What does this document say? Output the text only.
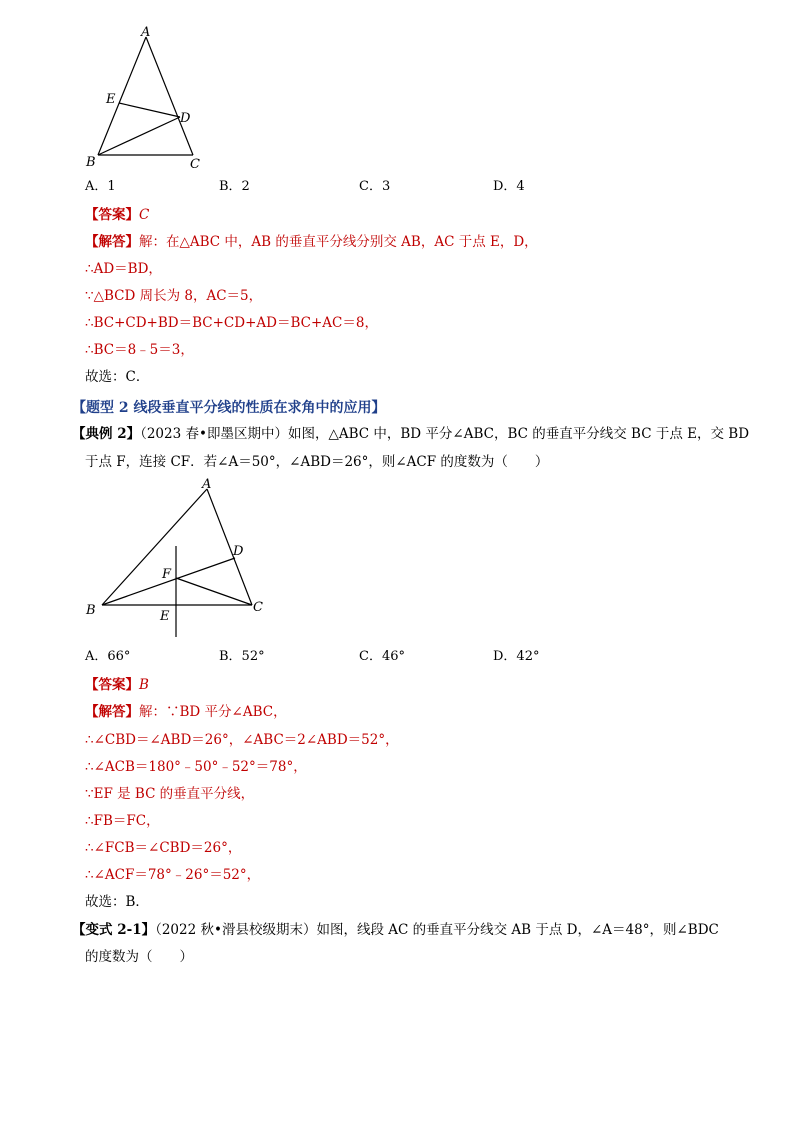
A
E
D
B	C
A．1	B．2	C．3	D．4
【答案】C
【解答】解：在△ABC 中，AB 的垂直平分线分别交 AB，AC 于点 E，D，
∴AD＝BD，
∵△BCD 周长为 8，AC＝5，
∴BC+CD+BD＝BC+CD+AD＝BC+AC＝8，
∴BC＝8﹣5＝3，
故选：C．
【题型 2 线段垂直平分线的性质在求角中的应用】
【典例 2】（2023 春•即墨区期中）如图，△ABC 中，BD 平分∠ABC，BC 的垂直平分线交 BC 于点 E，交 BD
于点 F，连接 CF．若∠A＝50°，∠ABD＝26°，则∠ACF 的度数为（　　）
A
D
F
B	C
E
A．66°	B．52°	C．46°	D．42°
【答案】B
【解答】解：∵BD 平分∠ABC，
∴∠CBD＝∠ABD＝26°，∠ABC＝2∠ABD＝52°，
∴∠ACB＝180°﹣50°﹣52°＝78°，
∵EF 是 BC 的垂直平分线，
∴FB＝FC，
∴∠FCB＝∠CBD＝26°，
∴∠ACF＝78°﹣26°＝52°，
故选：B．
【变式 2-1】（2022 秋•滑县校级期末）如图，线段 AC 的垂直平分线交 AB 于点 D，∠A＝48°，则∠BDC
的度数为（　　）
